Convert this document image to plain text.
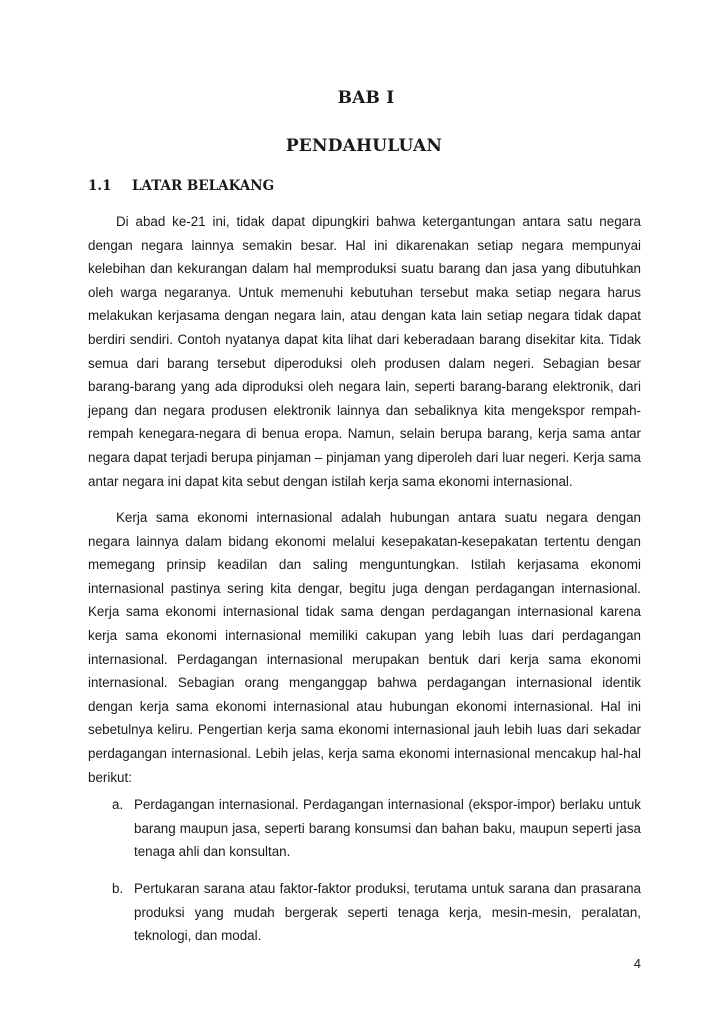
BAB I
PENDAHULUAN
1.1 LATAR BELAKANG

Di abad ke-21 ini, tidak dapat dipungkiri bahwa ketergantungan antara satu negara dengan negara lainnya semakin besar. Hal ini dikarenakan setiap negara mempunyai kelebihan dan kekurangan dalam hal memproduksi suatu barang dan jasa yang dibutuhkan oleh warga negaranya. Untuk memenuhi kebutuhan tersebut maka setiap negara harus melakukan kerjasama dengan negara lain, atau dengan kata lain setiap negara tidak dapat berdiri sendiri. Contoh nyatanya dapat kita lihat dari keberadaan barang disekitar kita. Tidak semua dari barang tersebut diperoduksi oleh produsen dalam negeri. Sebagian besar barang-barang yang ada diproduksi oleh negara lain, seperti barang-barang elektronik, dari jepang dan negara produsen elektronik lainnya dan sebaliknya kita mengekspor rempah-rempah kenegara-negara di benua eropa. Namun, selain berupa barang, kerja sama antar negara dapat terjadi berupa pinjaman – pinjaman yang diperoleh dari luar negeri. Kerja sama antar negara ini dapat kita sebut dengan istilah kerja sama ekonomi internasional.

Kerja sama ekonomi internasional adalah hubungan antara suatu negara dengan negara lainnya dalam bidang ekonomi melalui kesepakatan-kesepakatan tertentu dengan memegang prinsip keadilan dan saling menguntungkan. Istilah kerjasama ekonomi internasional pastinya sering kita dengar, begitu juga dengan perdagangan internasional. Kerja sama ekonomi internasional tidak sama dengan perdagangan internasional karena kerja sama ekonomi internasional memiliki cakupan yang lebih luas dari perdagangan internasional. Perdagangan internasional merupakan bentuk dari kerja sama ekonomi internasional. Sebagian orang menganggap bahwa perdagangan internasional identik dengan kerja sama ekonomi internasional atau hubungan ekonomi internasional. Hal ini sebetulnya keliru. Pengertian kerja sama ekonomi internasional jauh lebih luas dari sekadar perdagangan internasional. Lebih jelas, kerja sama ekonomi internasional mencakup hal-hal berikut:

a. Perdagangan internasional. Perdagangan internasional (ekspor-impor) berlaku untuk barang maupun jasa, seperti barang konsumsi dan bahan baku, maupun seperti jasa tenaga ahli dan konsultan.
b. Pertukaran sarana atau faktor-faktor produksi, terutama untuk sarana dan prasarana produksi yang mudah bergerak seperti tenaga kerja, mesin-mesin, peralatan, teknologi, dan modal.
4
